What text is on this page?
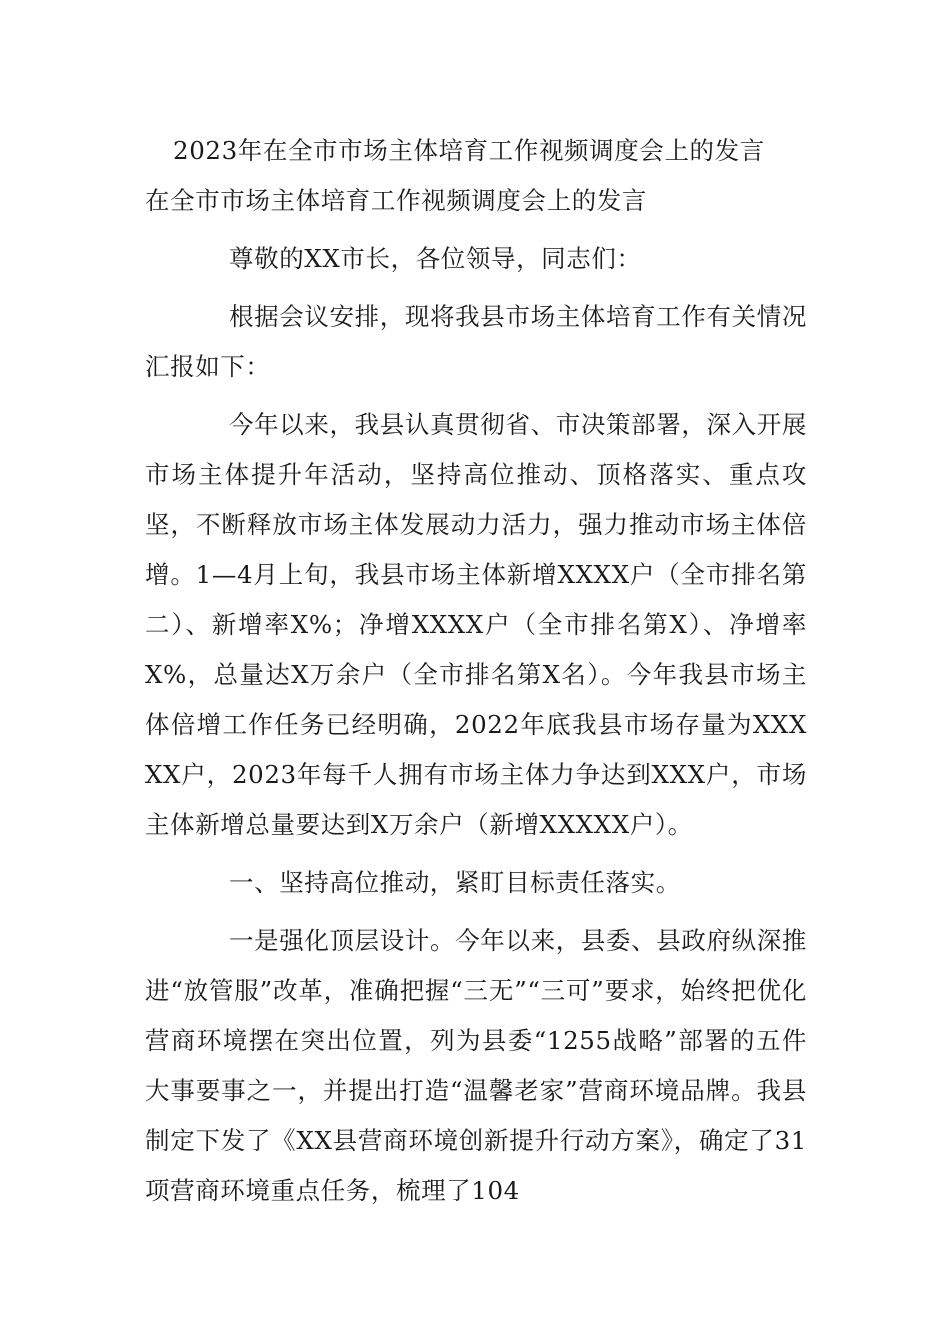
2023年在全市市场主体培育工作视频调度会上的发言

在全市市场主体培育工作视频调度会上的发言

尊敬的XX市长，各位领导，同志们：

根据会议安排，现将我县市场主体培育工作有关情况汇报如下：

今年以来，我县认真贯彻省、市决策部署，深入开展市场主体提升年活动，坚持高位推动、顶格落实、重点攻坚，不断释放市场主体发展动力活力，强力推动市场主体倍增。1—4月上旬，我县市场主体新增XXXX户（全市排名第二）、新增率X%；净增XXXX户（全市排名第X）、净增率X%，总量达X万余户（全市排名第X名）。今年我县市场主体倍增工作任务已经明确，2022年底我县市场存量为XXXXX户，2023年每千人拥有市场主体力争达到XXX户，市场主体新增总量要达到X万余户（新增XXXXX户）。

一、坚持高位推动，紧盯目标责任落实。

一是强化顶层设计。今年以来，县委、县政府纵深推进“放管服”改革，准确把握“三无”“三可”要求，始终把优化营商环境摆在突出位置，列为县委“1255战略”部署的五件大事要事之一，并提出打造“温馨老家”营商环境品牌。我县制定下发了《XX县营商环境创新提升行动方案》，确定了31项营商环境重点任务，梳理了104
